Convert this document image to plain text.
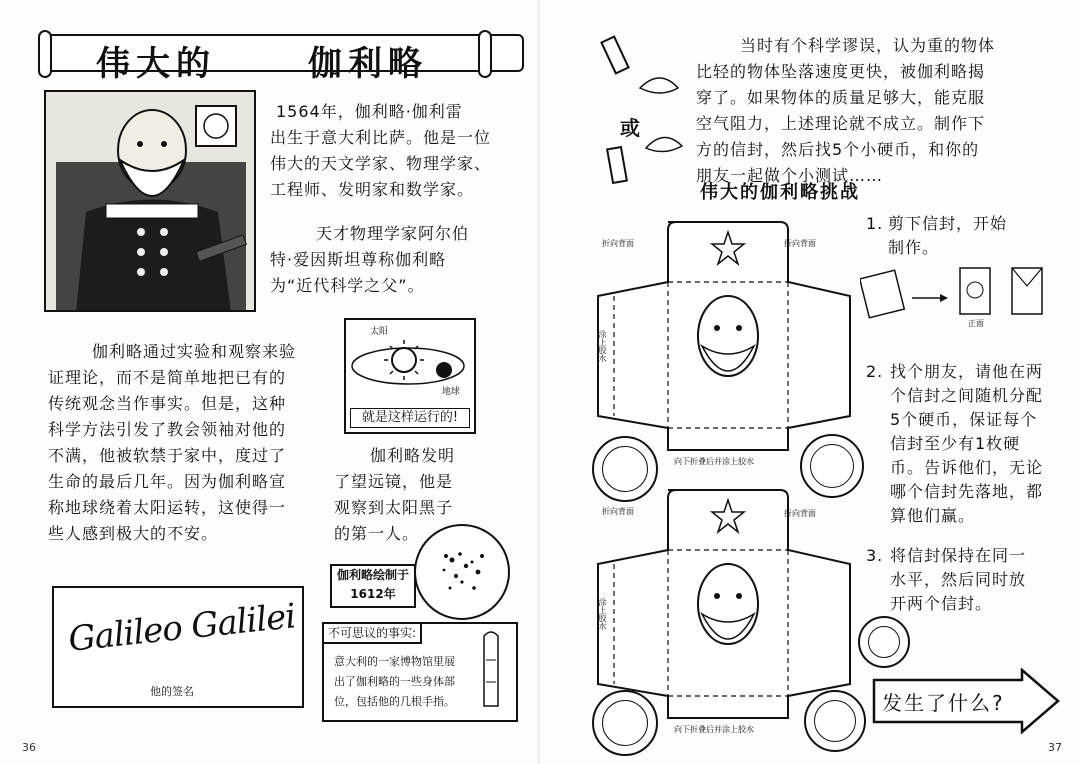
伟大的	伽利略
1564年，伽利略·伽利雷
出生于意大利比萨。他是一位
伟大的天文学家、物理学家、
工程师、发明家和数学家。
天才物理学家阿尔伯
特·爱因斯坦尊称伽利略
为“近代科学之父”。
伽利略通过实验和观察来验
证理论，而不是简单地把已有的
传统观念当作事实。但是，这种
科学方法引发了教会领袖对他的
不满，他被软禁于家中，度过了
生命的最后几年。因为伽利略宣
称地球绕着太阳运转，这使得一
些人感到极大的不安。
太阳
地球
就是这样运行的!
伽利略发明
了望远镜，他是
观察到太阳黑子
的第一人。
伽利略绘制于
1612年
Galileo Galilei
他的签名
不可思议的事实:
意大利的一家博物馆里展
出了伽利略的一些身体部
位，包括他的几根手指。
36
或
当时有个科学谬误，认为重的物体
比轻的物体坠落速度更快，被伽利略揭
穿了。如果物体的质量足够大，能克服
空气阻力，上述理论就不成立。制作下
方的信封，然后找5个小硬币，和你的
朋友一起做个小测试……
伟大的伽利略挑战
折向背面	折向背面
涂上胶水
向下折叠后并涂上胶水
折向背面	折向背面
涂上胶水
向下折叠后并涂上胶水
1. 剪下信封，开始
制作。
正面
2. 找个朋友，请他在两
个信封之间随机分配
5个硬币，保证每个
信封至少有1枚硬
币。告诉他们，无论
哪个信封先落地，都
算他们赢。
3. 将信封保持在同一
水平，然后同时放
开两个信封。
37
发生了什么?
